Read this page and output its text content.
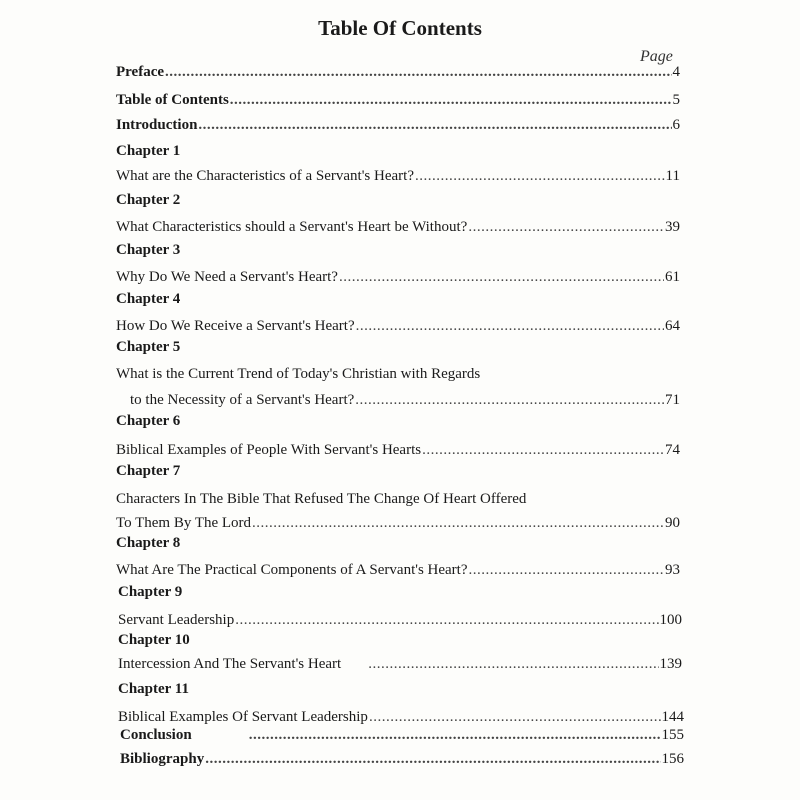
Table Of Contents
Page
Preface .....	4
Table of Contents .....	5
Introduction .....	6
Chapter 1
What are the Characteristics of a Servant's Heart? .....	11
Chapter 2
What Characteristics should a Servant's Heart be Without? .....	39
Chapter 3
Why Do We Need a Servant's Heart? .....	61
Chapter 4
How Do We Receive a Servant's Heart? .....	64
Chapter 5
What is the Current Trend of Today's Christian with Regards
to the Necessity of a Servant's Heart? .....	71
Chapter 6
Biblical Examples of People With Servant's Hearts .....	74
Chapter 7
Characters In The Bible That Refused The Change Of Heart Offered
To Them By The Lord .....	90
Chapter 8
What Are The Practical Components of A Servant's Heart? .....	93
Chapter 9
Servant Leadership .....	100
Chapter 10
Intercession And The Servant's Heart .....	139
Chapter 11
Biblical Examples Of Servant Leadership .....	144
Conclusion .....	155
Bibliography .....	156
